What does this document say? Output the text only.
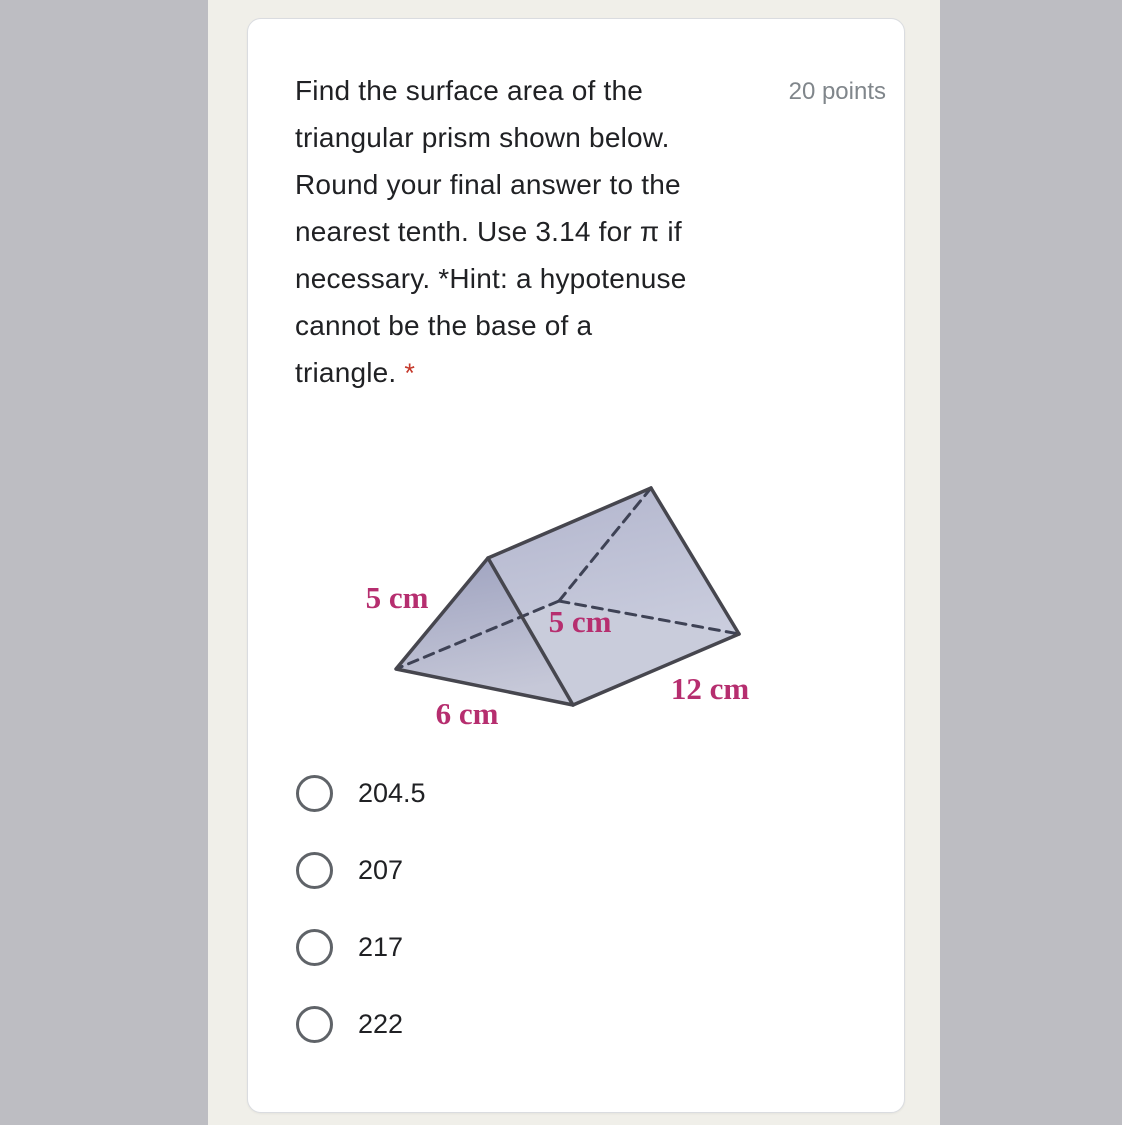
Find the surface area of the
triangular prism shown below.
Round your final answer to the
nearest tenth. Use 3.14 for π if
necessary. *Hint: a hypotenuse
cannot be the base of a
triangle. *
20 points
5 cm
5 cm
6 cm
12 cm
204.5
207
217
222
